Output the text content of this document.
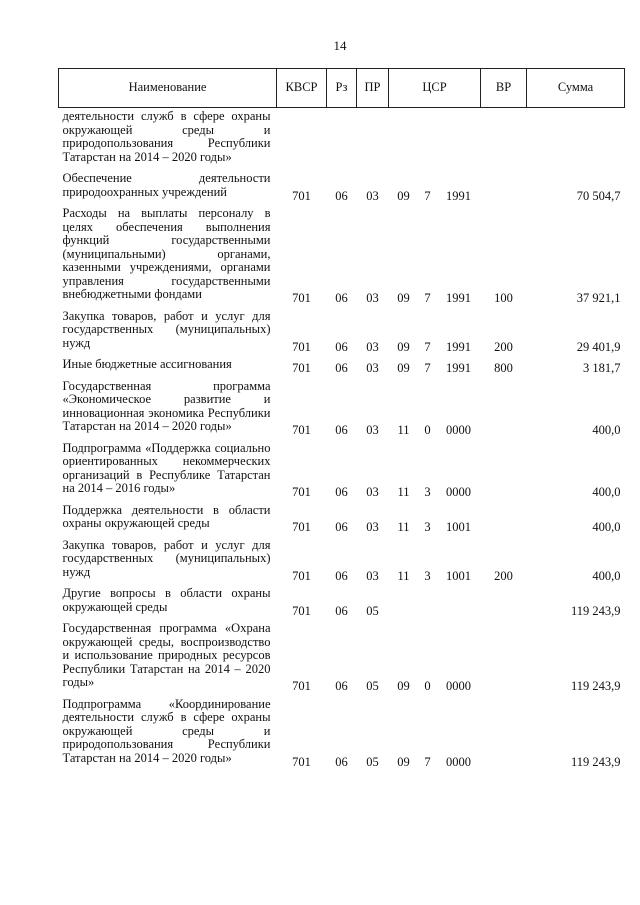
14
Наименование	КВСР	Рз	ПР	ЦСР			ВР	Сумма
деятельности служб в сфере охраны окружающей среды и природопользования Республики Татарстан на 2014 – 2020 годы»								
Обеспечение деятельности природоохранных учреждений	701	06	03	09	7	1991		70 504,7
Расходы на выплаты персоналу в целях обеспечения выполнения функций государственными (муниципальными) органами, казенными учреждениями, органами управления государственными внебюджетными фондами	701	06	03	09	7	1991	100	37 921,1
Закупка товаров, работ и услуг для государственных (муниципальных) нужд	701	06	03	09	7	1991	200	29 401,9
Иные бюджетные ассигнования	701	06	03	09	7	1991	800	3 181,7
Государственная программа «Экономическое развитие и инновационная экономика Республики Татарстан на 2014 – 2020 годы»	701	06	03	11	0	0000		400,0
Подпрограмма «Поддержка социально ориентированных некоммерческих организаций в Республике Татарстан на 2014 – 2016 годы»	701	06	03	11	3	0000		400,0
Поддержка деятельности в области охраны окружающей среды	701	06	03	11	3	1001		400,0
Закупка товаров, работ и услуг для государственных (муниципальных) нужд	701	06	03	11	3	1001	200	400,0
Другие вопросы в области охраны окружающей среды	701	06	05					119 243,9
Государственная программа «Охрана окружающей среды, воспроизводство и использование природных ресурсов Республики Татарстан на 2014 – 2020 годы»	701	06	05	09	0	0000		119 243,9
Подпрограмма «Координирование деятельности служб в сфере охраны окружающей среды и природопользования Республики Татарстан на 2014 – 2020 годы»	701	06	05	09	7	0000		119 243,9
